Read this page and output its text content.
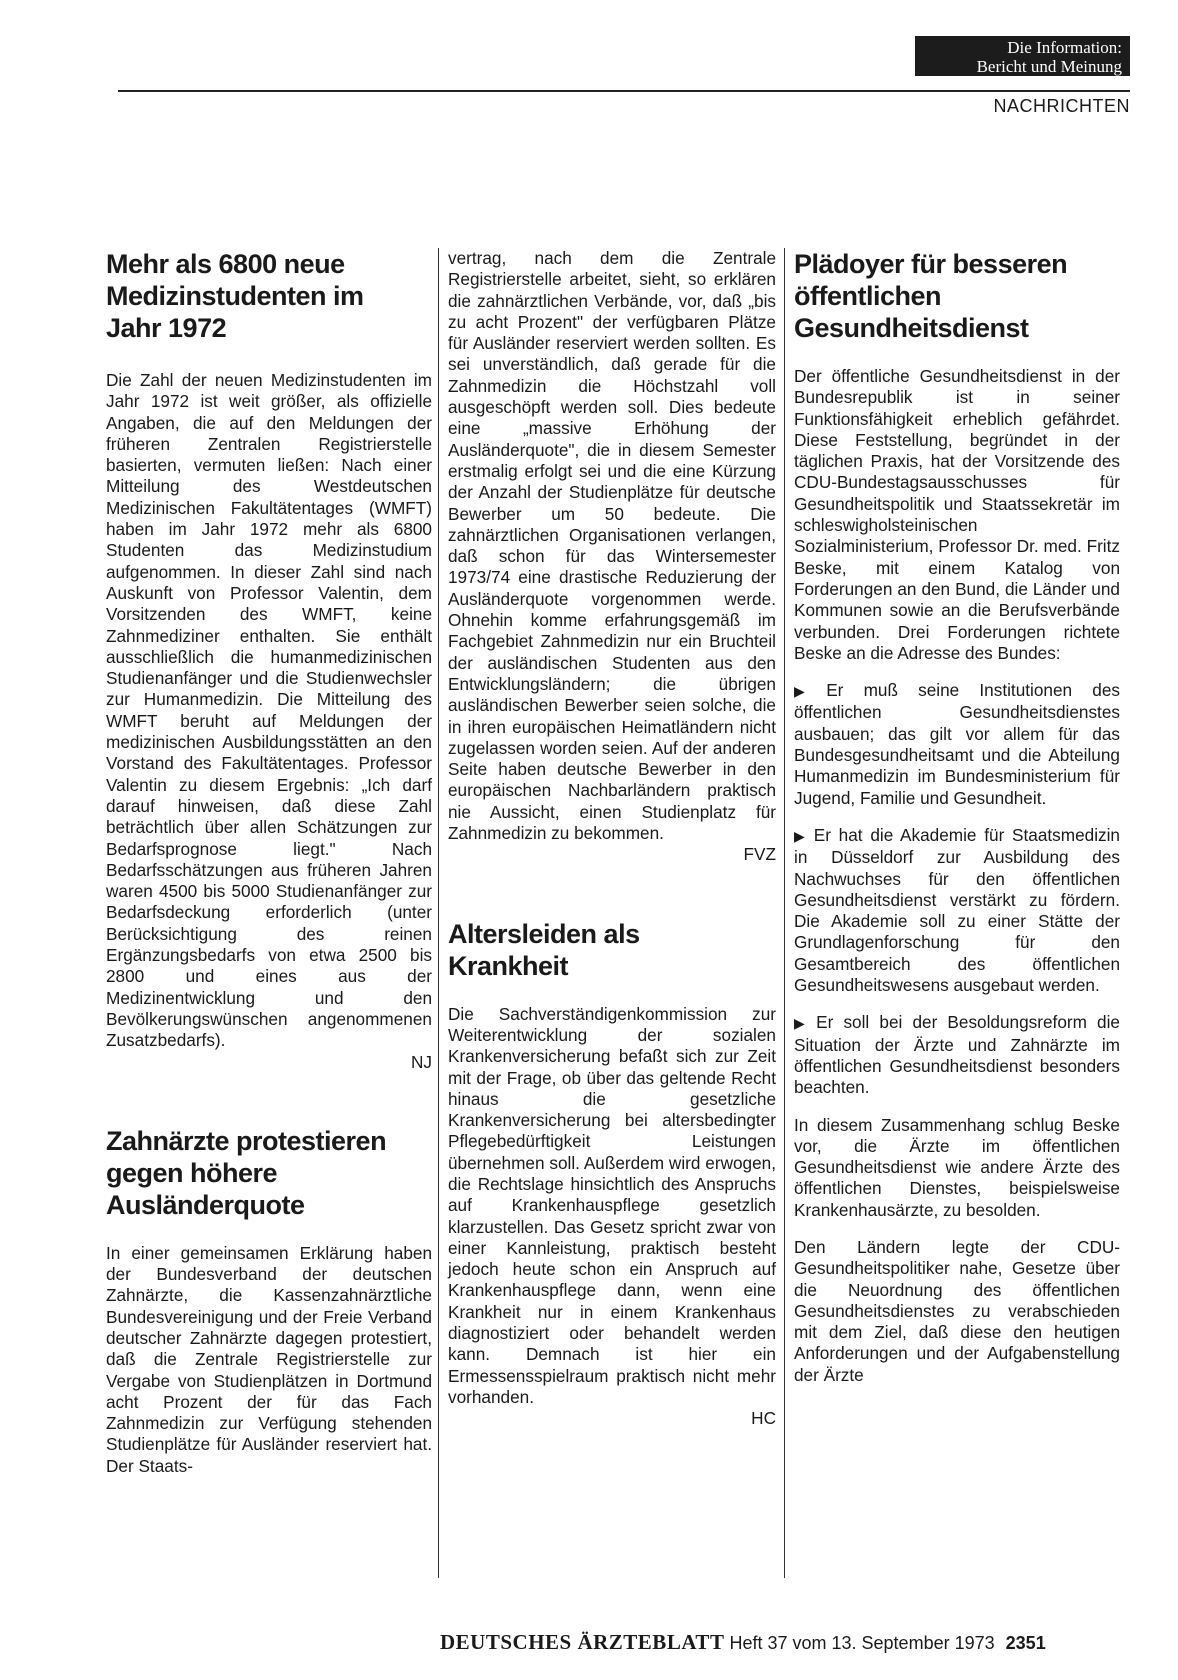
Die Information:
Bericht und Meinung
NACHRICHTEN
Mehr als 6800 neue Medizinstudenten im Jahr 1972

Die Zahl der neuen Medizinstudenten im Jahr 1972 ist weit größer, als offizielle Angaben, die auf den Meldungen der früheren Zentralen Registrierstelle basierten, vermuten ließen: Nach einer Mitteilung des Westdeutschen Medizinischen Fakultätentages (WMFT) haben im Jahr 1972 mehr als 6800 Studenten das Medizinstudium aufgenommen. In dieser Zahl sind nach Auskunft von Professor Valentin, dem Vorsitzenden des WMFT, keine Zahnmediziner enthalten. Sie enthält ausschließlich die humanmedizinischen Studienanfänger und die Studienwechsler zur Humanmedizin. Die Mitteilung des WMFT beruht auf Meldungen der medizinischen Ausbildungsstätten an den Vorstand des Fakultätentages. Professor Valentin zu diesem Ergebnis: „Ich darf darauf hinweisen, daß diese Zahl beträchtlich über allen Schätzungen zur Bedarfsprognose liegt." Nach Bedarfsschätzungen aus früheren Jahren waren 4500 bis 5000 Studienanfänger zur Bedarfsdeckung erforderlich (unter Berücksichtigung des reinen Ergänzungsbedarfs von etwa 2500 bis 2800 und eines aus der Medizinentwicklung und den Bevölkerungswünschen angenommenen Zusatzbedarfs).

NJ
Zahnärzte protestieren gegen höhere Ausländerquote

In einer gemeinsamen Erklärung haben der Bundesverband der deutschen Zahnärzte, die Kassenzahnärztliche Bundesvereinigung und der Freie Verband deutscher Zahnärzte dagegen protestiert, daß die Zentrale Registrierstelle zur Vergabe von Studienplätzen in Dortmund acht Prozent der für das Fach Zahnmedizin zur Verfügung stehenden Studienplätze für Ausländer reserviert hat. Der Staats-

vertrag, nach dem die Zentrale Registrierstelle arbeitet, sieht, so erklären die zahnärztlichen Verbände, vor, daß „bis zu acht Prozent" der verfügbaren Plätze für Ausländer reserviert werden sollten. Es sei unverständlich, daß gerade für die Zahnmedizin die Höchstzahl voll ausgeschöpft werden soll. Dies bedeute eine „massive Erhöhung der Ausländerquote", die in diesem Semester erstmalig erfolgt sei und die eine Kürzung der Anzahl der Studienplätze für deutsche Bewerber um 50 bedeute. Die zahnärztlichen Organisationen verlangen, daß schon für das Wintersemester 1973/74 eine drastische Reduzierung der Ausländerquote vorgenommen werde. Ohnehin komme erfahrungsgemäß im Fachgebiet Zahnmedizin nur ein Bruchteil der ausländischen Studenten aus den Entwicklungsländern; die übrigen ausländischen Bewerber seien solche, die in ihren europäischen Heimatländern nicht zugelassen worden seien. Auf der anderen Seite haben deutsche Bewerber in den europäischen Nachbarländern praktisch nie Aussicht, einen Studienplatz für Zahnmedizin zu bekommen.

FVZ
Altersleiden als Krankheit

Die Sachverständigenkommission zur Weiterentwicklung der sozialen Krankenversicherung befaßt sich zur Zeit mit der Frage, ob über das geltende Recht hinaus die gesetzliche Krankenversicherung bei altersbedingter Pflegebedürftigkeit Leistungen übernehmen soll. Außerdem wird erwogen, die Rechtslage hinsichtlich des Anspruchs auf Krankenhauspflege gesetzlich klarzustellen. Das Gesetz spricht zwar von einer Kannleistung, praktisch besteht jedoch heute schon ein Anspruch auf Krankenhauspflege dann, wenn eine Krankheit nur in einem Krankenhaus diagnostiziert oder behandelt werden kann. Demnach ist hier ein Ermessensspielraum praktisch nicht mehr vorhanden.

HC
Plädoyer für besseren öffentlichen Gesundheitsdienst

Der öffentliche Gesundheitsdienst in der Bundesrepublik ist in seiner Funktionsfähigkeit erheblich gefährdet. Diese Feststellung, begründet in der täglichen Praxis, hat der Vorsitzende des CDU-Bundestagsausschusses für Gesundheitspolitik und Staatssekretär im schleswigholsteinischen Sozialministerium, Professor Dr. med. Fritz Beske, mit einem Katalog von Forderungen an den Bund, die Länder und Kommunen sowie an die Berufsverbände verbunden. Drei Forderungen richtete Beske an die Adresse des Bundes:

▶ Er muß seine Institutionen des öffentlichen Gesundheitsdienstes ausbauen; das gilt vor allem für das Bundesgesundheitsamt und die Abteilung Humanmedizin im Bundesministerium für Jugend, Familie und Gesundheit.

▶ Er hat die Akademie für Staatsmedizin in Düsseldorf zur Ausbildung des Nachwuchses für den öffentlichen Gesundheitsdienst verstärkt zu fördern. Die Akademie soll zu einer Stätte der Grundlagenforschung für den Gesamtbereich des öffentlichen Gesundheitswesens ausgebaut werden.

▶ Er soll bei der Besoldungsreform die Situation der Ärzte und Zahnärzte im öffentlichen Gesundheitsdienst besonders beachten.

In diesem Zusammenhang schlug Beske vor, die Ärzte im öffentlichen Gesundheitsdienst wie andere Ärzte des öffentlichen Dienstes, beispielsweise Krankenhausärzte, zu besolden.

Den Ländern legte der CDU-Gesundheitspolitiker nahe, Gesetze über die Neuordnung des öffentlichen Gesundheitsdienstes zu verabschieden mit dem Ziel, daß diese den heutigen Anforderungen und der Aufgabenstellung der Ärzte

DEUTSCHES ÄRZTEBLATT Heft 37 vom 13. September 1973 2351
